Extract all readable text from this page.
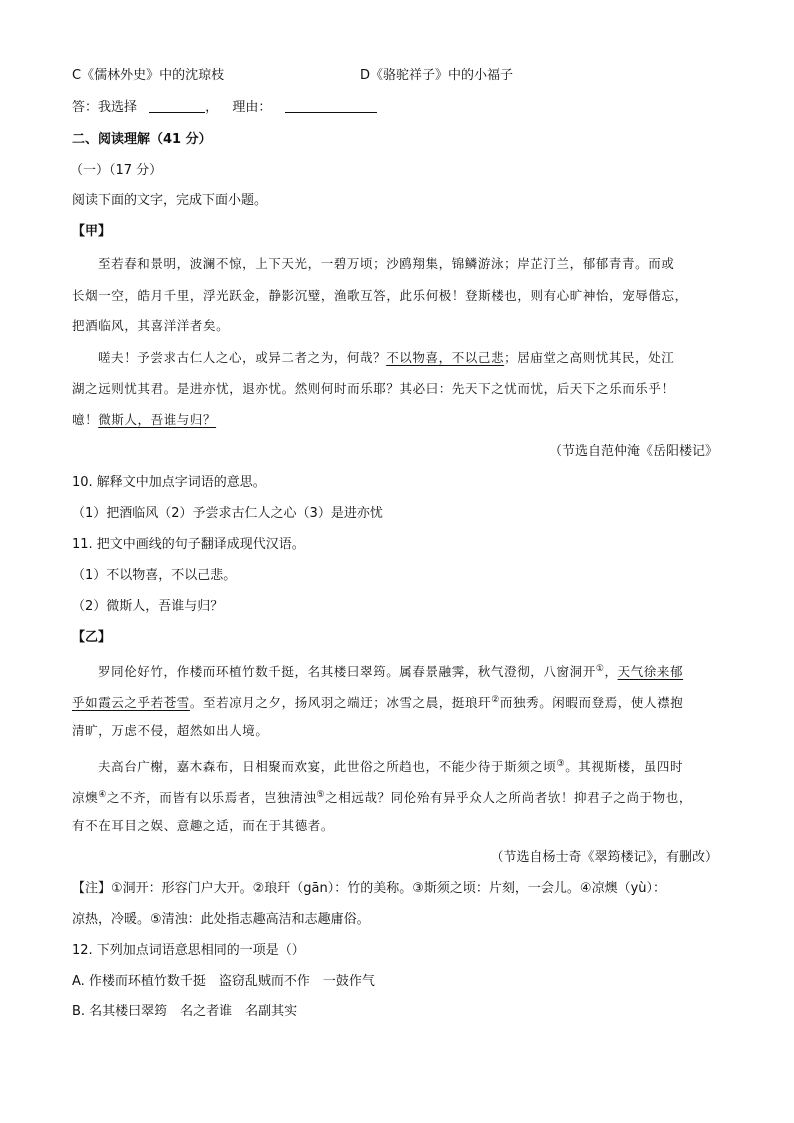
C《儒林外史》中的沈琼枝	D《骆驼祥子》中的小福子
答：我选择	， 理由：
二、阅读理解（41 分）
（一）（17 分）
阅读下面的文字，完成下面小题。
【甲】
至若春和景明，波澜不惊，上下天光，一碧万顷；沙鸥翔集，锦鳞游泳；岸芷汀兰，郁郁青青。而或
长烟一空，皓月千里，浮光跃金，静影沉璧，渔歌互答，此乐何极！登斯楼也，则有心旷神怡，宠辱偕忘，
把酒临风，其喜洋洋者矣。
嗟夫！予尝求古仁人之心，或异二者之为，何哉？不以物喜，不以己悲；居庙堂之高则忧其民，处江
湖之远则忧其君。是进亦忧，退亦忧。然则何时而乐耶？其必曰：先天下之忧而忧，后天下之乐而乐乎！
噫！微斯人，吾谁与归？
（节选自范仲淹《岳阳楼记》
10. 解释文中加点字词语的意思。
（1）把酒临风（2）予尝求古仁人之心（3）是进亦忧
11. 把文中画线的句子翻译成现代汉语。
（1）不以物喜，不以己悲。
（2）微斯人，吾谁与归？
【乙】
罗同伦好竹，作楼而环植竹数千挺，名其楼曰翠筠。属春景融霁，秋气澄彻，八窗洞开①，天气徐来郁
乎如霞云之乎若苍雪。至若凉月之夕，扬风羽之端迂；冰雪之晨，挺琅玕②而独秀。闲暇而登焉，使人襟抱
清旷，万虑不侵，超然如出人境。
夫高台广榭，嘉木森布，日相聚而欢宴，此世俗之所趋也，不能少待于斯须之顷③。其视斯楼，虽四时
凉燠④之不齐，而皆有以乐焉者，岂独清浊⑤之相远哉？同伦殆有异乎众人之所尚者欤！抑君子之尚于物也，
有不在耳目之娱、意趣之适，而在于其德者。
（节选自杨士奇《翠筠楼记》，有删改）
【注】①洞开：形容门户大开。②琅玕（gān）：竹的美称。③斯须之顷：片刻，一会儿。④凉燠（yù）：
凉热，冷暖。⑤清浊：此处指志趣高洁和志趣庸俗。
12. 下列加点词语意思相同的一项是（）
A. 作楼而环植竹数千挺　盗窃乱贼而不作　一鼓作气
B. 名其楼曰翠筠　名之者谁　名副其实
